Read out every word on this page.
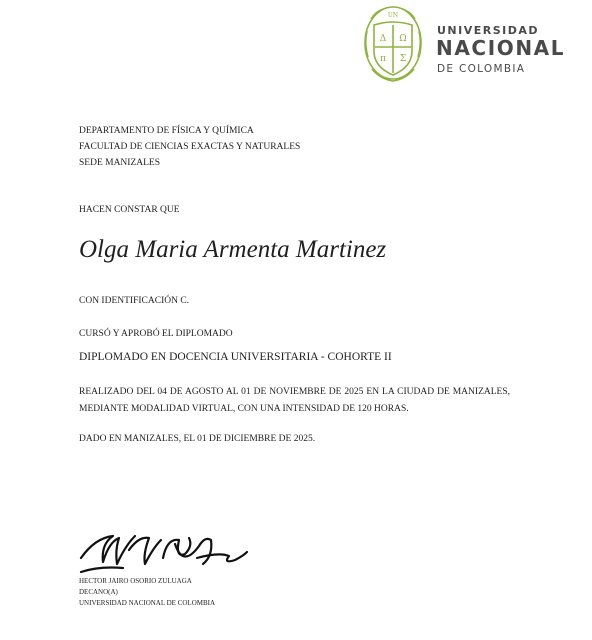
UN
Δ Ω
π Σ
UNIVERSIDAD
NACIONAL
DE COLOMBIA
DEPARTAMENTO DE FÍSICA Y QUÍMICA
FACULTAD DE CIENCIAS EXACTAS Y NATURALES
SEDE MANIZALES
HACEN CONSTAR QUE
Olga Maria Armenta Martinez
CON IDENTIFICACIÓN C.
CURSÓ Y APROBÓ EL DIPLOMADO
DIPLOMADO EN DOCENCIA UNIVERSITARIA - COHORTE II
REALIZADO DEL 04 DE AGOSTO AL 01 DE NOVIEMBRE DE 2025 EN LA CIUDAD DE MANIZALES, MEDIANTE MODALIDAD VIRTUAL, CON UNA INTENSIDAD DE 120 HORAS.
DADO EN MANIZALES, EL 01 DE DICIEMBRE DE 2025.
HECTOR JAIRO OSORIO ZULUAGA
DECANO(A)
UNIVERSIDAD NACIONAL DE COLOMBIA
